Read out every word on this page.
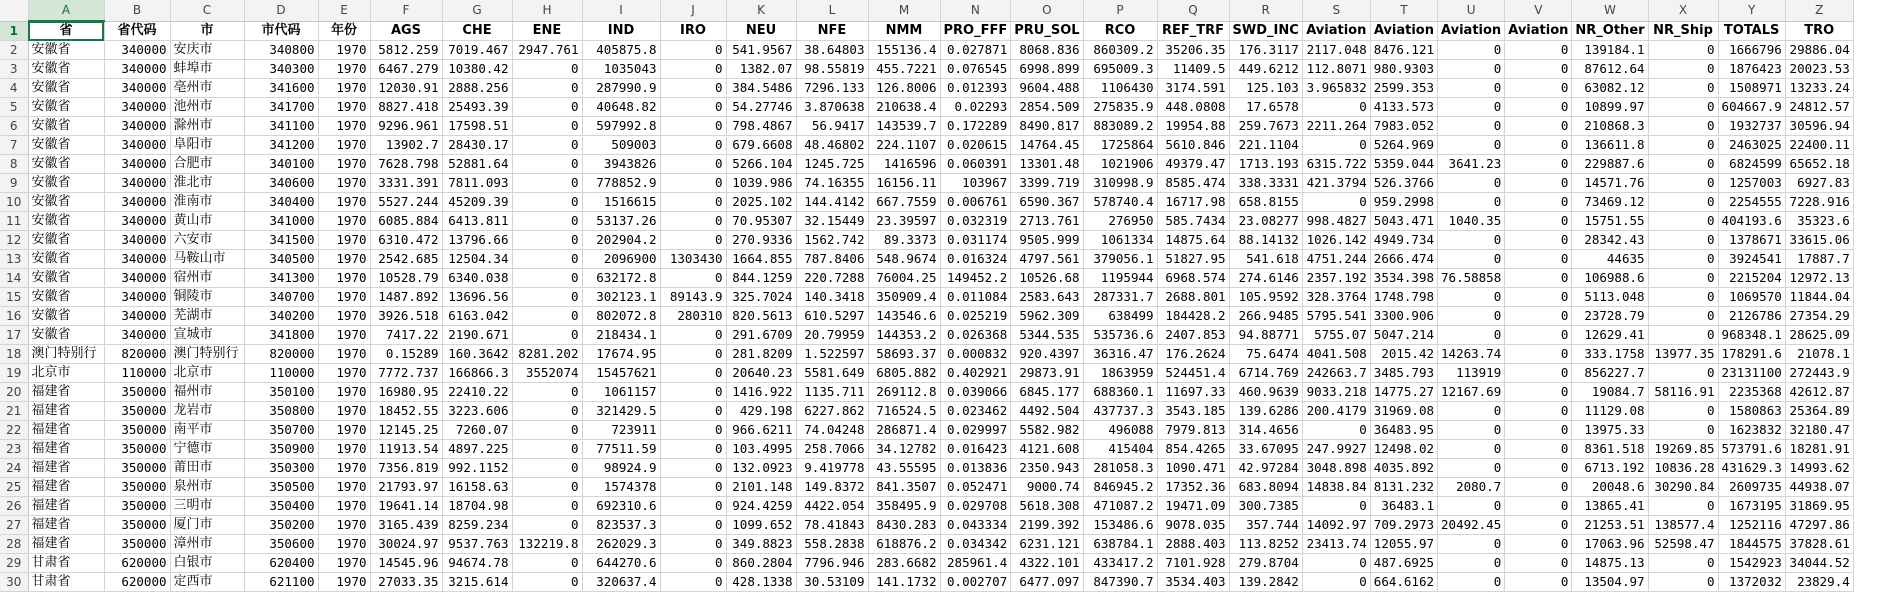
	A	B	C	D	E	F	G	H	I	J	K	L	M	N	O	P	Q	R	S	T	U	V	W	X	Y	Z
1	省	省代码	市	市代码	年份	AGS	CHE	ENE	IND	IRO	NEU	NFE	NMM	PRO_FFF	PRU_SOL	RCO	REF_TRF	SWD_INC	Aviation	Aviation	Aviation	Aviation	NR_Other	NR_Ship	TOTALS	TRO
2	安徽省	340000	安庆市	340800	1970	5812.259	7019.467	2947.761	405875.8	0	541.9567	38.64803	155136.4	0.027871	8068.836	860309.2	35206.35	176.3117	2117.048	8476.121	0	0	139184.1	0	1666796	29886.04
3	安徽省	340000	蚌埠市	340300	1970	6467.279	10380.42	0	1035043	0	1382.07	98.55819	455.7221	0.076545	6998.899	695009.3	11409.5	449.6212	112.8071	980.9303	0	0	87612.64	0	1876423	20023.53
4	安徽省	340000	亳州市	341600	1970	12030.91	2888.256	0	287990.9	0	384.5486	7296.133	126.8006	0.012393	9604.488	1106430	3174.591	125.103	3.965832	2599.353	0	0	63082.12	0	1508971	13233.24
5	安徽省	340000	池州市	341700	1970	8827.418	25493.39	0	40648.82	0	54.27746	3.870638	210638.4	0.02293	2854.509	275835.9	448.0808	17.6578	0	4133.573	0	0	10899.97	0	604667.9	24812.57
6	安徽省	340000	滁州市	341100	1970	9296.961	17598.51	0	597992.8	0	798.4867	56.9417	143539.7	0.172289	8490.817	883089.2	19954.88	259.7673	2211.264	7983.052	0	0	210868.3	0	1932737	30596.94
7	安徽省	340000	阜阳市	341200	1970	13902.7	28430.17	0	509003	0	679.6608	48.46802	224.1107	0.020615	14764.45	1725864	5610.846	221.1104	0	5264.969	0	0	136611.8	0	2463025	22400.11
8	安徽省	340000	合肥市	340100	1970	7628.798	52881.64	0	3943826	0	5266.104	1245.725	1416596	0.060391	13301.48	1021906	49379.47	1713.193	6315.722	5359.044	3641.23	0	229887.6	0	6824599	65652.18
9	安徽省	340000	淮北市	340600	1970	3331.391	7811.093	0	778852.9	0	1039.986	74.16355	16156.11	103967	3399.719	310998.9	8585.474	338.3331	421.3794	526.3766	0	0	14571.76	0	1257003	6927.83
10	安徽省	340000	淮南市	340400	1970	5527.244	45209.39	0	1516615	0	2025.102	144.4142	667.7559	0.006761	6590.367	578740.4	16717.98	658.8155	0	959.2998	0	0	73469.12	0	2254555	7228.916
11	安徽省	340000	黄山市	341000	1970	6085.884	6413.811	0	53137.26	0	70.95307	32.15449	23.39597	0.032319	2713.761	276950	585.7434	23.08277	998.4827	5043.471	1040.35	0	15751.55	0	404193.6	35323.6
12	安徽省	340000	六安市	341500	1970	6310.472	13796.66	0	202904.2	0	270.9336	1562.742	89.3373	0.031174	9505.999	1061334	14875.64	88.14132	1026.142	4949.734	0	0	28342.43	0	1378671	33615.06
13	安徽省	340000	马鞍山市	340500	1970	2542.685	12504.34	0	2096900	1303430	1664.855	787.8406	548.9674	0.016324	4797.561	379056.1	51827.95	541.618	4751.244	2666.474	0	0	44635	0	3924541	17887.7
14	安徽省	340000	宿州市	341300	1970	10528.79	6340.038	0	632172.8	0	844.1259	220.7288	76004.25	149452.2	10526.68	1195944	6968.574	274.6146	2357.192	3534.398	76.58858	0	106988.6	0	2215204	12972.13
15	安徽省	340000	铜陵市	340700	1970	1487.892	13696.56	0	302123.1	89143.9	325.7024	140.3418	350909.4	0.011084	2583.643	287331.7	2688.801	105.9592	328.3764	1748.798	0	0	5113.048	0	1069570	11844.04
16	安徽省	340000	芜湖市	340200	1970	3926.518	6163.042	0	802072.8	280310	820.5613	610.5297	143546.6	0.025219	5962.309	638499	184428.2	266.9485	5795.541	3300.906	0	0	23728.79	0	2126786	27354.29
17	安徽省	340000	宣城市	341800	1970	7417.22	2190.671	0	218434.1	0	291.6709	20.79959	144353.2	0.026368	5344.535	535736.6	2407.853	94.88771	5755.07	5047.214	0	0	12629.41	0	968348.1	28625.09
18	澳门特别行	820000	澳门特别行	820000	1970	0.15289	160.3642	8281.202	17674.95	0	281.8209	1.522597	58693.37	0.000832	920.4397	36316.47	176.2624	75.6474	4041.508	2015.42	14263.74	0	333.1758	13977.35	178291.6	21078.1
19	北京市	110000	北京市	110000	1970	7772.737	166866.3	3552074	15457621	0	20640.23	5581.649	6805.882	0.402921	29873.91	1863959	524451.4	6714.769	242663.7	3485.793	113919	0	856227.7	0	23131100	272443.9
20	福建省	350000	福州市	350100	1970	16980.95	22410.22	0	1061157	0	1416.922	1135.711	269112.8	0.039066	6845.177	688360.1	11697.33	460.9639	9033.218	14775.27	12167.69	0	19084.7	58116.91	2235368	42612.87
21	福建省	350000	龙岩市	350800	1970	18452.55	3223.606	0	321429.5	0	429.198	6227.862	716524.5	0.023462	4492.504	437737.3	3543.185	139.6286	200.4179	31969.08	0	0	11129.08	0	1580863	25364.89
22	福建省	350000	南平市	350700	1970	12145.25	7260.07	0	723911	0	966.6211	74.04248	286871.4	0.029997	5582.982	496088	7979.813	314.4656	0	36483.95	0	0	13975.33	0	1623832	32180.47
23	福建省	350000	宁德市	350900	1970	11913.54	4897.225	0	77511.59	0	103.4995	258.7066	34.12782	0.016423	4121.608	415404	854.4265	33.67095	247.9927	12498.02	0	0	8361.518	19269.85	573791.6	18281.91
24	福建省	350000	莆田市	350300	1970	7356.819	992.1152	0	98924.9	0	132.0923	9.419778	43.55595	0.013836	2350.943	281058.3	1090.471	42.97284	3048.898	4035.892	0	0	6713.192	10836.28	431629.3	14993.62
25	福建省	350000	泉州市	350500	1970	21793.97	16158.63	0	1574378	0	2101.148	149.8372	841.3507	0.052471	9000.74	846945.2	17352.36	683.8094	14838.84	8131.232	2080.7	0	20048.6	30290.84	2609735	44938.07
26	福建省	350000	三明市	350400	1970	19641.14	18704.98	0	692310.6	0	924.4259	4422.054	358495.9	0.029708	5618.308	471087.2	19471.09	300.7385	0	36483.1	0	0	13865.41	0	1673195	31869.95
27	福建省	350000	厦门市	350200	1970	3165.439	8259.234	0	823537.3	0	1099.652	78.41843	8430.283	0.043334	2199.392	153486.6	9078.035	357.744	14092.97	709.2973	20492.45	0	21253.51	138577.4	1252116	47297.86
28	福建省	350000	漳州市	350600	1970	30024.97	9537.763	132219.8	262029.3	0	349.8823	558.2838	618876.2	0.034342	6231.121	638784.1	2888.403	113.8252	23413.74	12055.97	0	0	17063.96	52598.47	1844575	37828.61
29	甘肃省	620000	白银市	620400	1970	14545.96	94674.78	0	644270.6	0	860.2804	7796.946	283.6682	285961.4	4322.101	433417.2	7101.928	279.8704	0	487.6925	0	0	14875.13	0	1542923	34044.52
30	甘肃省	620000	定西市	621100	1970	27033.35	3215.614	0	320637.4	0	428.1338	30.53109	141.1732	0.002707	6477.097	847390.7	3534.403	139.2842	0	664.6162	0	0	13504.97	0	1372032	23829.4
